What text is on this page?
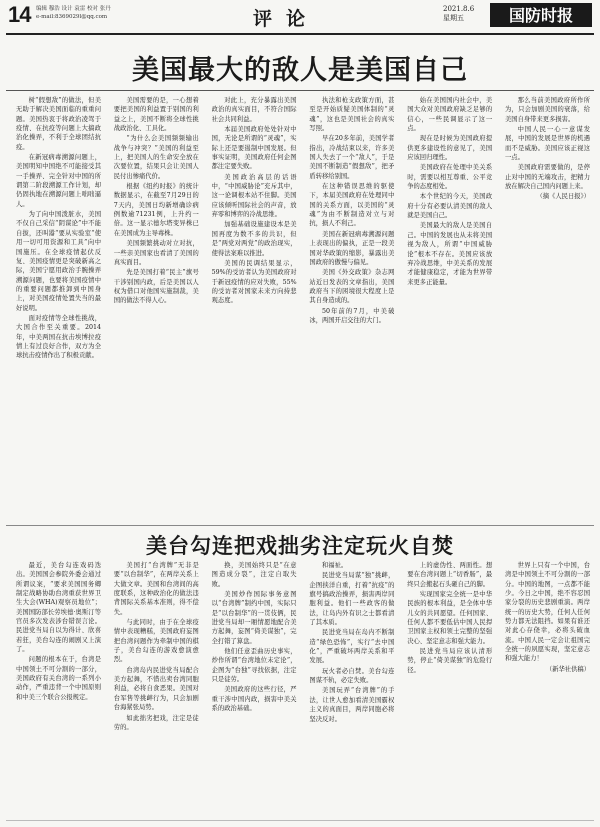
14 编辑 穆浩 设计 袁雷 校对 张丹
e-mail:8369029l@qq.com	评论	2021.8.6
星期五	国防时报
美国最大的敌人是美国自己

树“假想敌”的做法，但美无助于解决美国面临的重重问题。美国热衷于将政治凌驾于疫情、在抗疫等问题上大搞政治化操弄，不利于全球团结抗疫。

在新冠病毒溯源问题上，美国明知中国绝不可能接受其一手操弄、完全针对中国的所谓第二阶段溯源工作计划，却仍固执地在溯源问题上咄咄逼人。

为了向中国泼脏水，美国不仅自己采信“阴谋论”中不能自拔，还叫嚣“要从实验室“使用一切可用资源和工具”向中国施压。在全球疫情起伏反复、美国疫情更是突破新高之际，美国宁愿用政治手腕操弄溯源问题，也要将美国疫情中的重要问题都推卸到中国身上，对美国疫情处置失当的最好说明。

面对疫情等全球性挑战，大国合作至关重要。2014年，中美两国在抗击埃博拉疫情上有过良好合作，双方为全球抗击疫情作出了积极贡献。

美国需要的是，一心想着要把美国的利益置于别国的利益之上，美国不断将全球性挑战政治化、工具化。

“为什么会美国频频输出战争与冲突？”美国的利益至上，把美国人的生命安全放在次要位置，结果只会让美国人民付出惨痛代价。

根据《纽约时报》的统计数据显示，在截至7月29日的7天内，美国日均新增确诊病例数逾71231例，上升约一倍。这一显示德尔塔变异株已在美国成为主导毒株。

美国频繁挑动对立对抗，一些亲美国家也看清了美国的真实面目。

先是美国打着“民主”旗号干涉别国内政，后是美国以人权为借口对他国实施制裁，美国的做法不得人心。

对此上，充分暴露出美国政治的真实面目，不符合国际社会共同利益。

本届美国政府处处针对中国，无论是所谓的“灵魂”，实际上还是要遏制中国发展。但事实证明，美国政府任何企图都注定要失败。

美国政治高层的话语中，“中国威胁论”充斥其中，这一论调根本站不住脚。美国应该倾听国际社会的声音，放弃零和博弈的冷战思维。

加强基础设施建设本是美国再度为数不多的共识，但是“两党对两党”的政治现实，使得法案难以推进。

美国的民调结果显示，59%的受访者认为美国政府对于新冠疫情的应对失败，55%的受访者对国家未来方向持悲观态度。

执法和枪支政策方面，甚至是开始质疑美国体制的“灵魂”，这也是美国社会的真实写照。

早在20多年前，美国学者指出，冷战结束以来，许多美国人失去了一个“敌人”，于是美国不断制造“假想敌”，把矛盾转移给别国。

在这种错误思维的驱使下，本届美国政府在处理同中国的关系方面，以美国的“灵魂”为由不断制造对立与对抗，损人不利己。

美国在新冠病毒溯源问题上表现出的偏执，正是一段美国对华政策的缩影，暴露出美国政府的傲慢与偏见。

美国《外交政策》杂志网站近日发表的文章指出，美国政府当下的困境很大程度上是其自身造成的。

50年前的7月，中美破冰，两国开启交往的大门。

始在美国国内社会中，美国大众对美国政府缺乏足够的信心，一些民调显示了这一点。

现在是时候为美国政府提供更多建设性的意见了，美国应该回归理性。

美国政府在处理中美关系时，需要以相互尊重、公平竞争的态度相处。

本个世纪的今天，美国政府十分有必要认清美国的敌人就是美国自己。

美国最大的敌人是美国自己。中国的发展也从未将美国视为敌人，所谓“中国威胁论”根本不存在。美国应该放弃冷战思维，中美关系的发展才能健康稳定，才能为世界带来更多正能量。

那么当前美国政府所作所为，只会加剧美国的衰落，给美国自身带来更多损害。

中国人民一心一意谋发展，中国的发展是世界的机遇而不是威胁。美国应该正视这一点。

美国政府需要做的，是停止对中国的无端攻击，把精力放在解决自己国内问题上来。

（摘《人民日报》）

美台勾连把戏拙劣注定玩火自焚

最近，美台勾连戏码迭出。美国国会参院外委会通过所谓议案，“要求美国国务卿制定战略协助台湾重获世界卫生大会(WHA)观察员地位”；美国国防部长劳埃德·奥斯汀等官员多次发表涉台错误言论。民进党当局自以为得计、欣喜若狂，美台勾连的闹剧又上演了。

问题的根本在于，台湾是中国领土不可分割的一部分，美国政府有关台湾的一系列小动作，严重违背一个中国原则和中美三个联合公报规定。

美国打“台湾牌”无非是要“以台制华”，在两岸关系上大做文章。美国和台湾间的高度联系，这种政治化的做法违背国际关系基本准则，得不偿失。

与此同时，由于在全球疫情中表现糟糕，美国政府妄图把台湾问题作为牵制中国的棋子，美台勾连的游戏愈演愈烈。

台湾岛内民进党当局配合美方起舞，不惜出卖台湾同胞利益，必将自食恶果。美国对台军售等挑衅行为，只会加剧台海紧张局势。

如此拙劣把戏，注定是徒劳的。

换，美国始终只是“在意图造成分裂”，注定自取失败。

美国炒作国际事务意图以“台湾牌”制约中国，实际只是“以台制华”的一贯伎俩，民进党当局却一厢情愿地配合美方起舞，妄图“倚美谋独”，完全打错了算盘。

他们任意歪曲历史事实，炒作所谓“台湾地位未定论”，企图为“台独”寻找依据，注定只是徒劳。

美国政府的这些行径，严重干涉中国内政，损害中美关系的政治基础。

和福祉。

民进党当局谋“独”挑衅，企图挟洋自重，打着“抗疫”的旗号搞政治操弄，损害两岸同胞利益。他们一些政客的做法，让岛内外有识之士都看清了其本质。

民进党当局在岛内不断制造“绿色恐怖”，实行“去中国化”，严重破坏两岸关系和平发展。

玩火者必自焚。美台勾连图谋不轨，必定失败。

美国玩弄“台湾牌”的手法，让世人愈加看清美国霸权主义的真面目，两岸同胞必将坚决反对。

上的虚伪性、两面性。想要在台湾问题上“切香肠”，最终只会搬起石头砸自己的脚。

实现国家完全统一是中华民族的根本利益，是全体中华儿女的共同愿望。任何国家、任何人都不要低估中国人民捍卫国家主权和领土完整的坚强决心、坚定意志和强大能力。

民进党当局应该认清形势，停止“倚美谋独”的危险行径。

世界上只有一个中国，台湾是中国领土不可分割的一部分。中国的地图，一点都不能少。今日之中国，绝不容忍国家分裂的历史悲剧重演。两岸统一的历史大势，任何人任何势力都无法阻挡。如果有谁还对此心存侥幸，必将头破血流。中国人民一定会让祖国完全统一的夙愿实现，坚定意志和强大能力！

（新华社供稿）
